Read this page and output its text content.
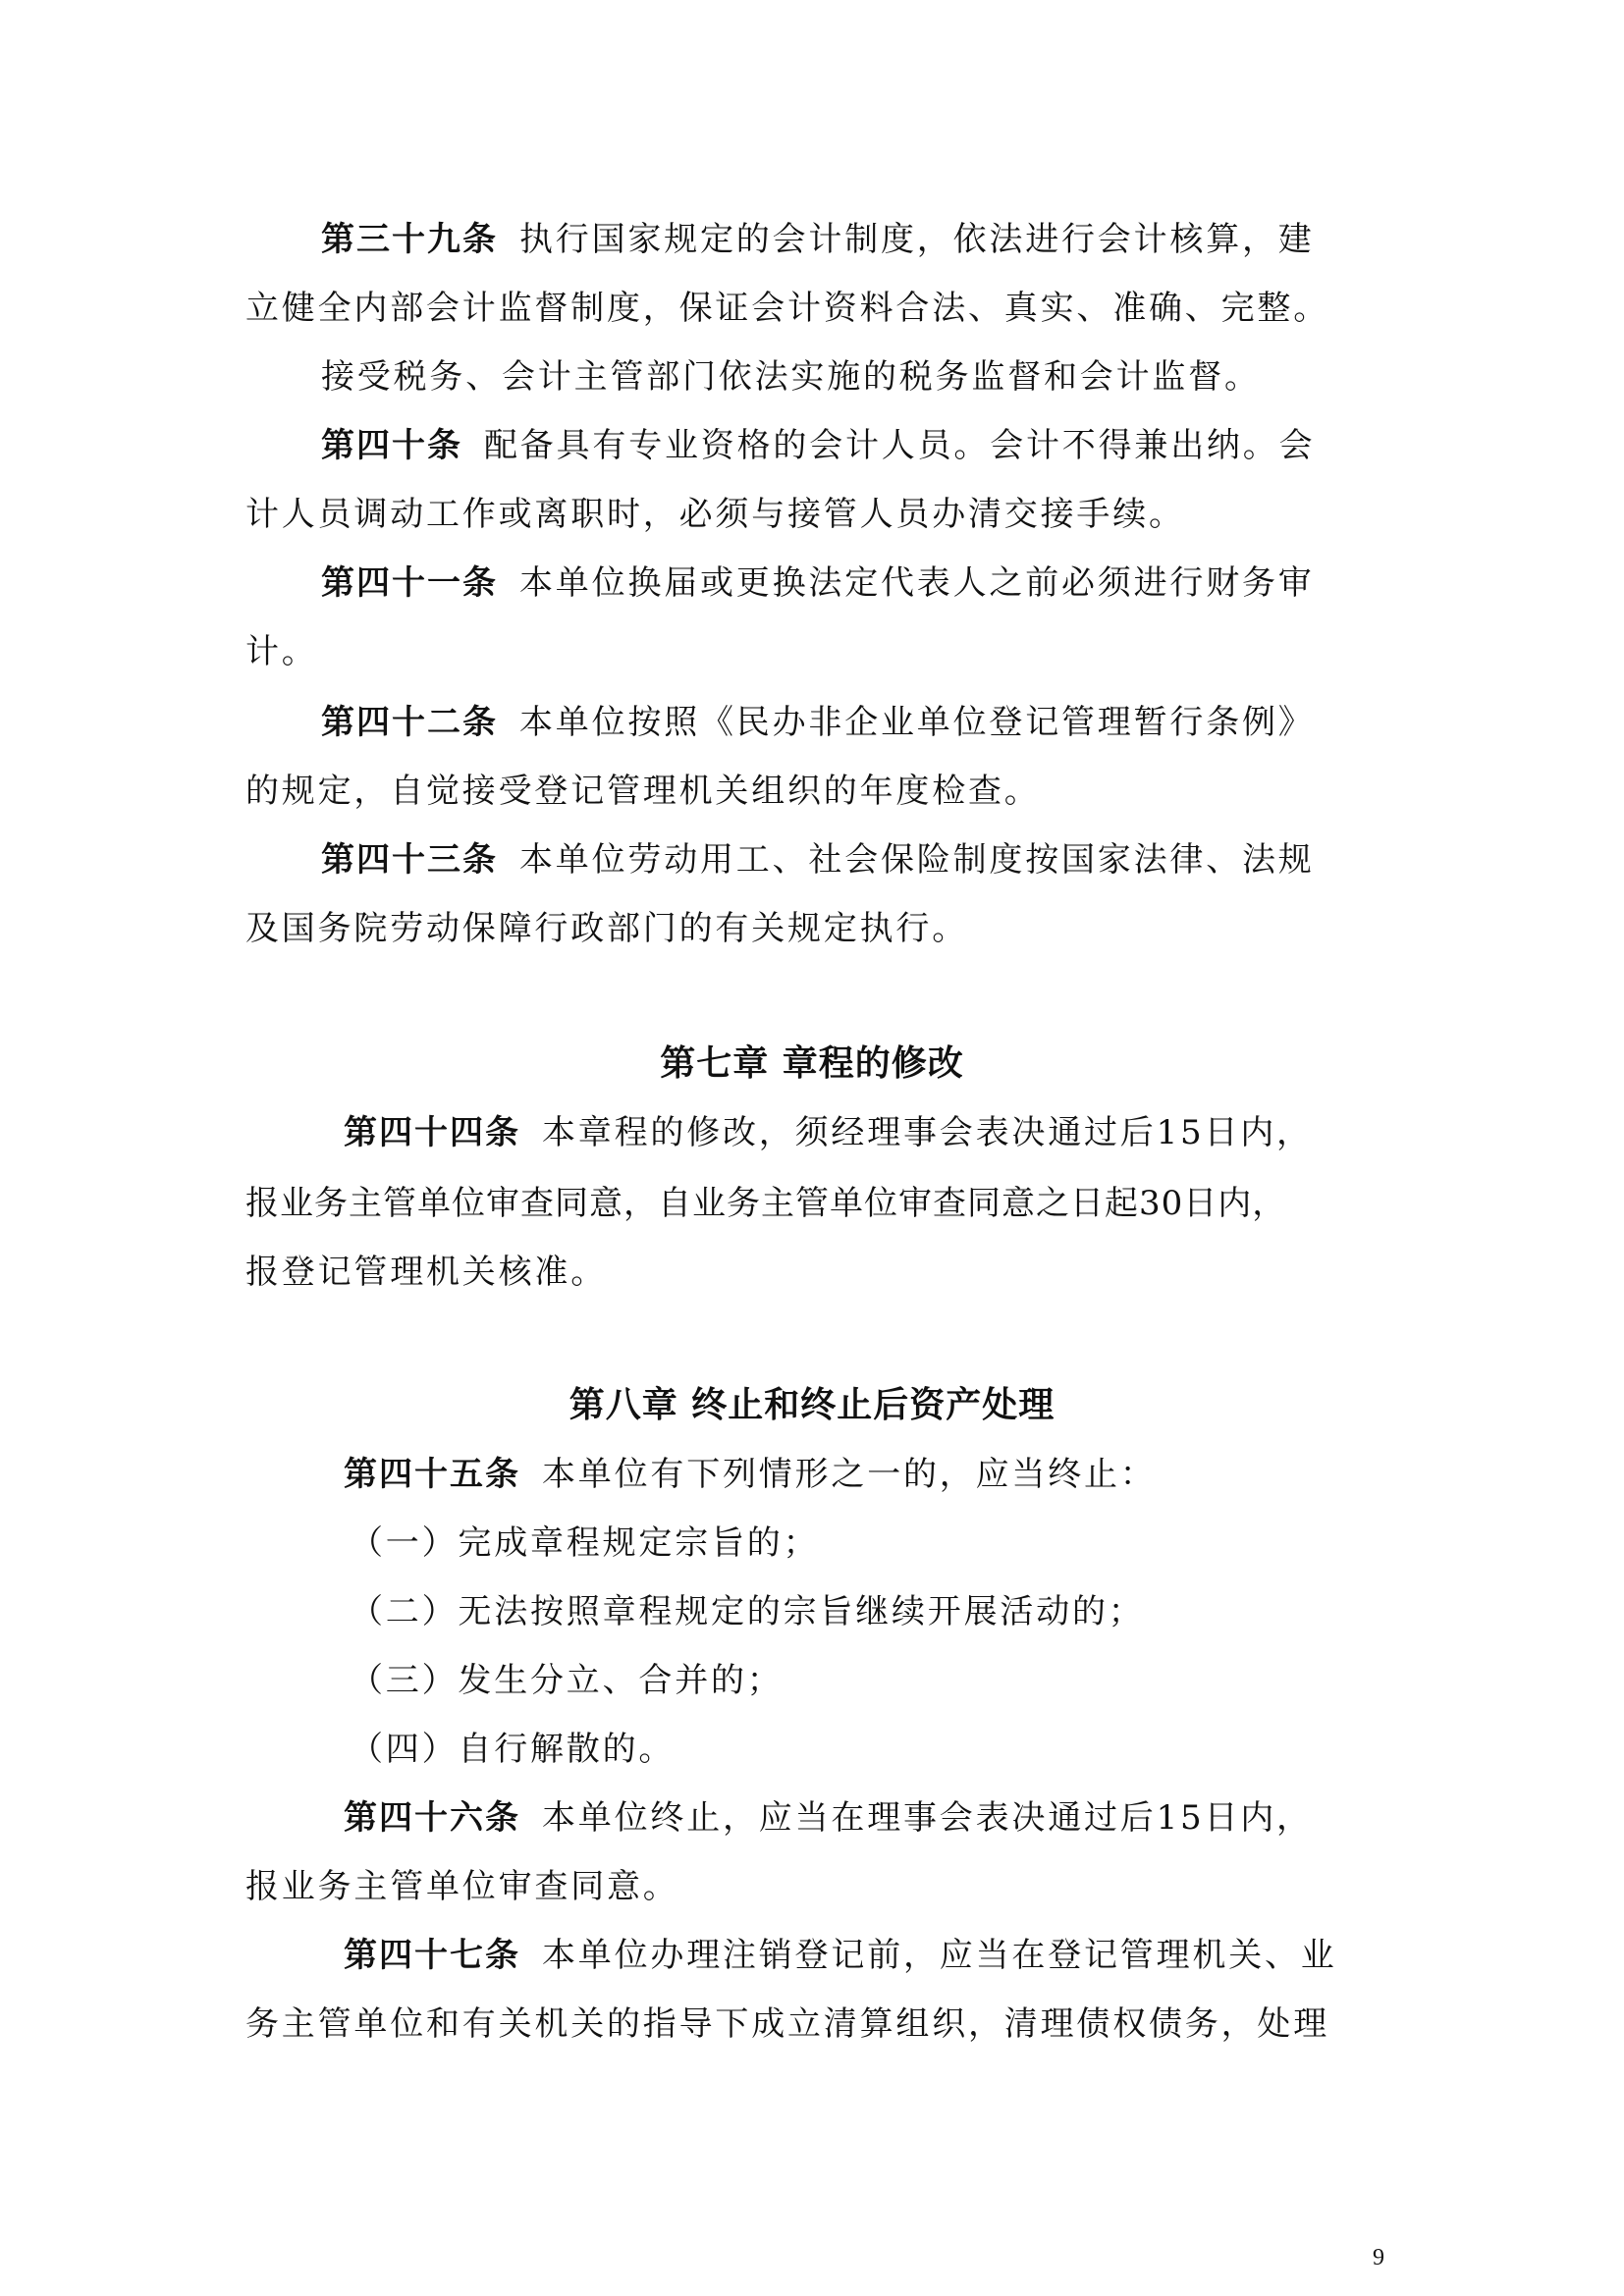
第三十九条 执行国家规定的会计制度，依法进行会计核算，建
立健全内部会计监督制度，保证会计资料合法、真实、准确、完整。
接受税务、会计主管部门依法实施的税务监督和会计监督。
第四十条 配备具有专业资格的会计人员。会计不得兼出纳。会
计人员调动工作或离职时，必须与接管人员办清交接手续。
第四十一条 本单位换届或更换法定代表人之前必须进行财务审
计。
第四十二条 本单位按照《民办非企业单位登记管理暂行条例》
的规定，自觉接受登记管理机关组织的年度检查。
第四十三条 本单位劳动用工、社会保险制度按国家法律、法规
及国务院劳动保障行政部门的有关规定执行。
第七章 章程的修改
第四十四条 本章程的修改，须经理事会表决通过后15日内，
报业务主管单位审查同意，自业务主管单位审查同意之日起30日内，
报登记管理机关核准。
第八章 终止和终止后资产处理
第四十五条 本单位有下列情形之一的，应当终止：
（一）完成章程规定宗旨的；
（二）无法按照章程规定的宗旨继续开展活动的；
（三）发生分立、合并的；
（四）自行解散的。
第四十六条 本单位终止，应当在理事会表决通过后15日内，
报业务主管单位审查同意。
第四十七条 本单位办理注销登记前，应当在登记管理机关、业
务主管单位和有关机关的指导下成立清算组织，清理债权债务，处理
9
